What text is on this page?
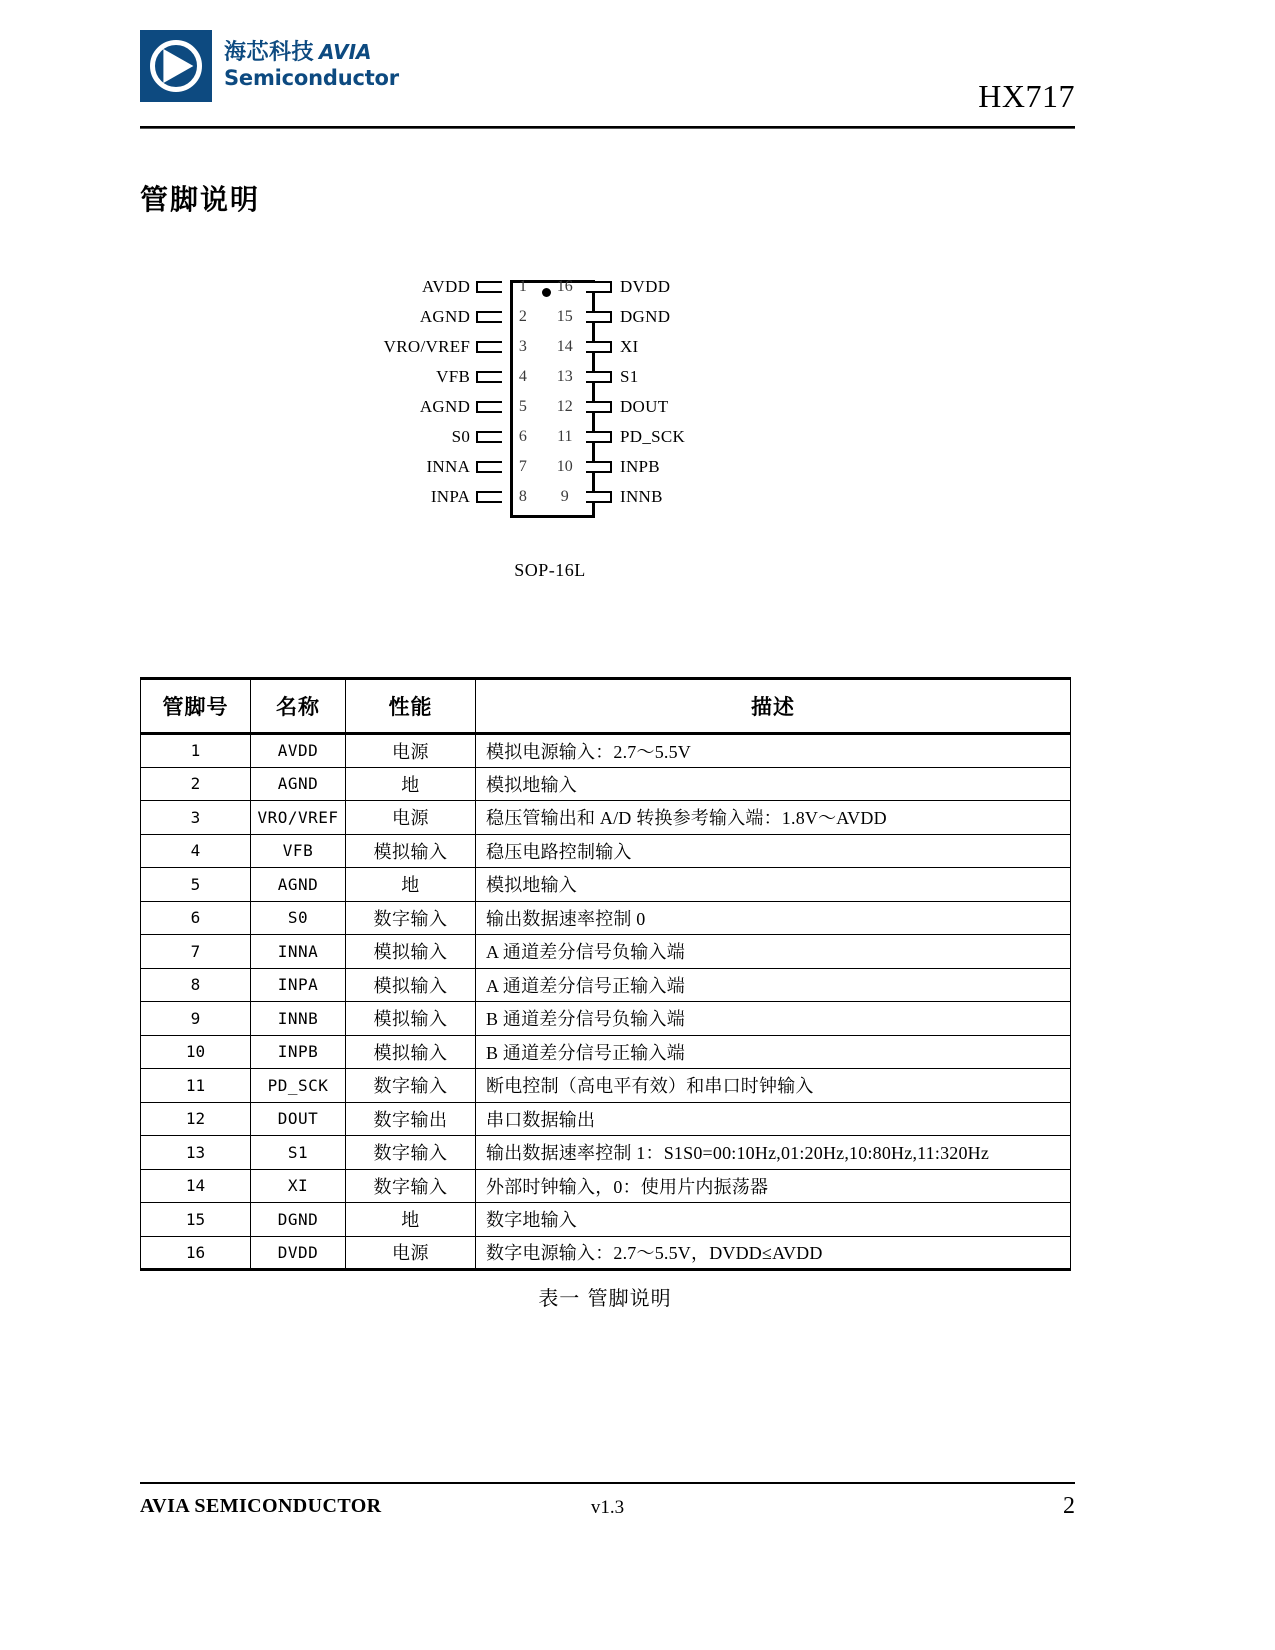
海芯科技 AVIA
Semiconductor	HX717
管脚说明
AVDD	1	16	DVDD
AGND	2	15	DGND
VRO/VREF	3	14	XI
VFB	4	13	S1
AGND	5	12	DOUT
S0	6	11	PD_SCK
INNA	7	10	INPB
INPA	8	9	INNB
SOP-16L
管脚号	名称	性能	描述
1	AVDD	电源	模拟电源输入：2.7～5.5V
2	AGND	地	模拟地输入
3	VRO/VREF	电源	稳压管输出和 A/D 转换参考输入端：1.8V～AVDD
4	VFB	模拟输入	稳压电路控制输入
5	AGND	地	模拟地输入
6	S0	数字输入	输出数据速率控制 0
7	INNA	模拟输入	A 通道差分信号负输入端
8	INPA	模拟输入	A 通道差分信号正输入端
9	INNB	模拟输入	B 通道差分信号负输入端
10	INPB	模拟输入	B 通道差分信号正输入端
11	PD_SCK	数字输入	断电控制（高电平有效）和串口时钟输入
12	DOUT	数字输出	串口数据输出
13	S1	数字输入	输出数据速率控制 1：S1S0=00:10Hz,01:20Hz,10:80Hz,11:320Hz
14	XI	数字输入	外部时钟输入，0：使用片内振荡器
15	DGND	地	数字地输入
16	DVDD	电源	数字电源输入：2.7～5.5V，DVDD≤AVDD
表一 管脚说明
AVIA SEMICONDUCTOR	v1.3	2
